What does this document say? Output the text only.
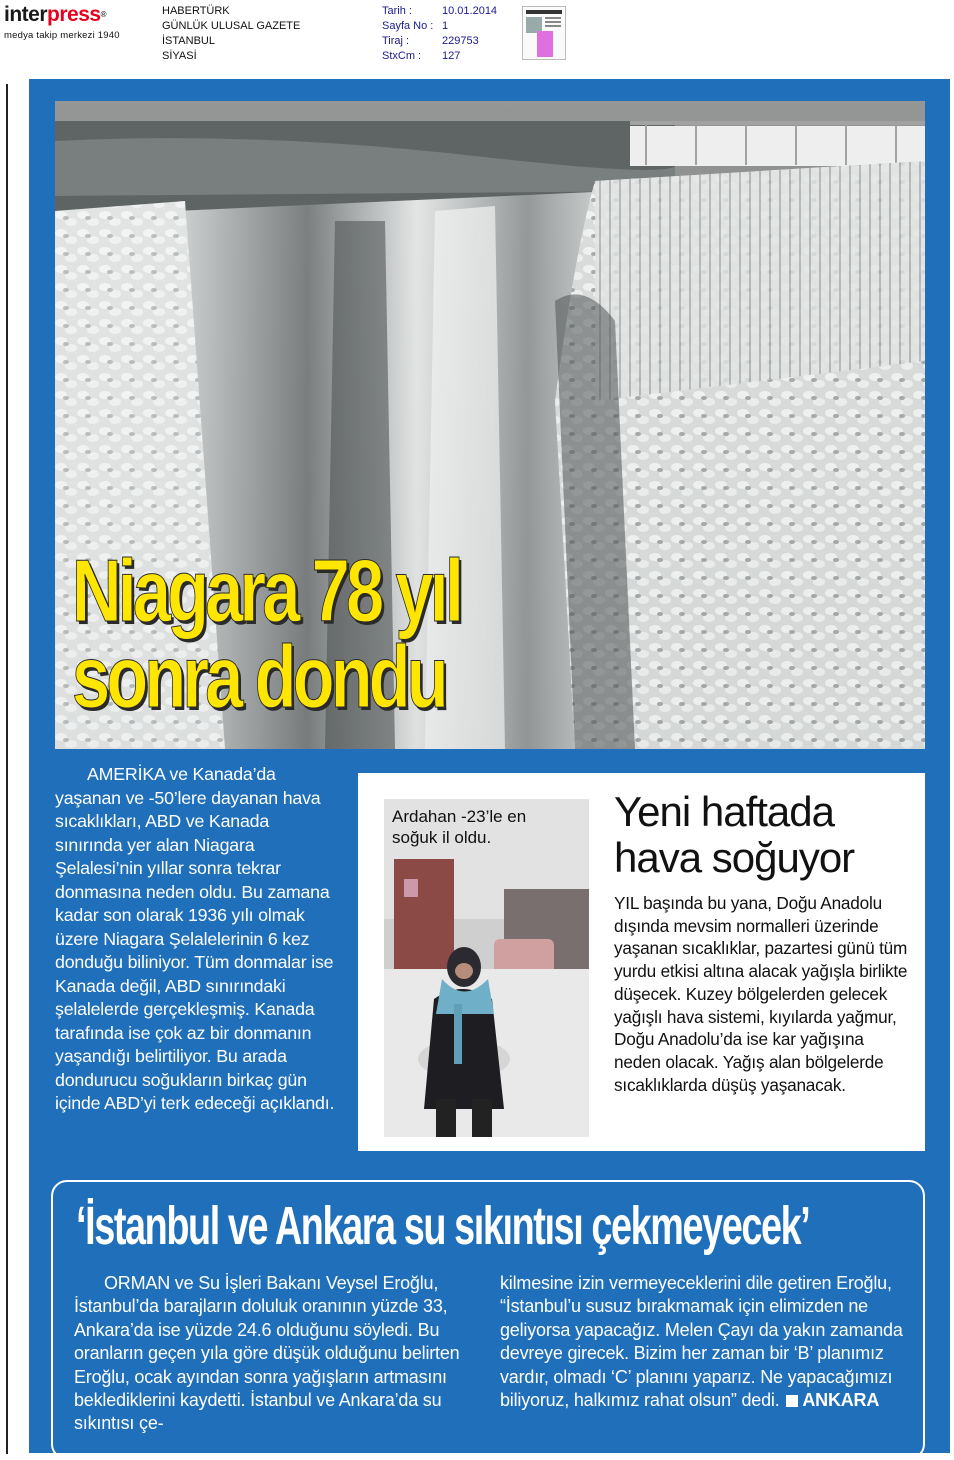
interpress®
medya takip merkezi 1940
HABERTÜRK
GÜNLÜK ULUSAL GAZETE
İSTANBUL
SİYASİ
Tarih :	10.01.2014
Sayfa No : 1
Tiraj :	229753
StxCm :	127
Niagara 78 yıl
sonra dondu

AMERİKA ve Kanada’da yaşanan ve -50’lere dayanan hava sıcaklıkları, ABD ve Kanada sınırında yer alan Niagara Şelalesi’nin yıllar sonra tekrar donmasına neden oldu. Bu zamana kadar son olarak 1936 yılı olmak üzere Niagara Şelalelerinin 6 kez donduğu biliniyor. Tüm donmalar ise Kanada değil, ABD sınırındaki şelalelerde gerçekleşmiş. Kanada tarafında ise çok az bir donmanın yaşandığı belirtiliyor. Bu arada dondurucu soğukların birkaç gün içinde ABD’yi terk edeceği açıklandı.

Ardahan -23’le en soğuk il oldu.

Yeni haftada
hava soğuyor

YIL başında bu yana, Doğu Anadolu dışında mevsim normalleri üzerinde yaşanan sıcaklıklar, pazartesi günü tüm yurdu etkisi altına alacak yağışla birlikte düşecek. Kuzey bölgelerden gelecek yağışlı hava sistemi, kıyılarda yağmur, Doğu Anadolu’da ise kar yağışına neden olacak. Yağış alan bölgelerde sıcaklıklarda düşüş yaşanacak.

‘İstanbul ve Ankara su sıkıntısı çekmeyecek’

ORMAN ve Su İşleri Bakanı Veysel Eroğlu, İstanbul’da barajların doluluk oranının yüzde 33, Ankara’da ise yüzde 24.6 olduğunu söyledi. Bu oranların geçen yıla göre düşük olduğunu belirten Eroğlu, ocak ayından sonra yağışların artmasını beklediklerini kaydetti. İstanbul ve Ankara’da su sıkıntısı çe-

kilmesine izin vermeyeceklerini dile getiren Eroğlu, “İstanbul’u susuz bırakmamak için elimizden ne geliyorsa yapacağız. Melen Çayı da yakın zamanda devreye girecek. Bizim her zaman bir ‘B’ planımız vardır, olmadı ‘C’ planını yaparız. Ne yapacağımızı biliyoruz, halkımız rahat olsun” dedi. ANKARA
